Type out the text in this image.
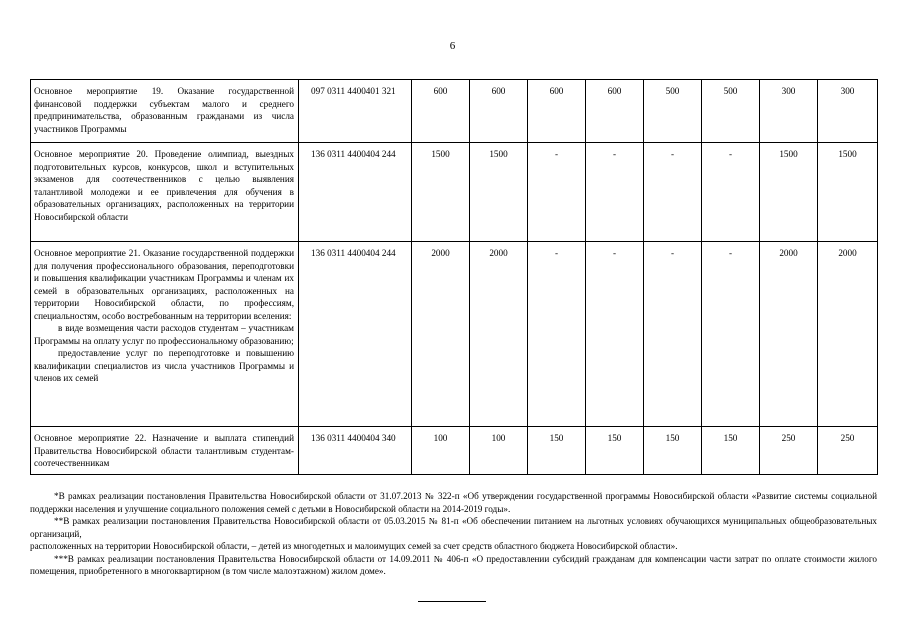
6

Основное мероприятие 19. Оказание государственной финансовой поддержки субъектам малого и среднего предпринимательства, образованным гражданами из числа участников Программы	097 0311 4400401 321	600	600	600	600	500	500	300	300

Основное мероприятие 20. Проведение олимпиад, выездных подготовительных курсов, конкурсов, школ и вступительных экзаменов для соотечественников с целью выявления талантливой молодежи и ее привлечения для обучения в образовательных организациях, расположенных на территории Новосибирской области	136 0311 4400404 244	1500	1500	-	-	-	-	1500	1500

Основное мероприятие 21. Оказание государственной поддержки для получения профессионального образования, переподготовки и повышения квалификации участникам Программы и членам их семей в образовательных организациях, расположенных на территории Новосибирской области, по профессиям, специальностям, особо востребованным на территории вселения:

в виде возмещения части расходов студентам – участникам Программы на оплату услуг по профессиональному образованию;

предоставление услуг по переподготовке и повышению квалификации специалистов из числа участников Программы и членов их семей	136 0311 4400404 244	2000	2000	-	-	-	-	2000	2000

Основное мероприятие 22. Назначение и выплата стипендий Правительства Новосибирской области талантливым студентам-соотечественникам	136 0311 4400404 340	100	100	150	150	150	150	250	250

*В рамках реализации постановления Правительства Новосибирской области от 31.07.2013 № 322-п «Об утверждении государственной программы Новосибирской области «Развитие системы социальной поддержки населения и улучшение социального положения семей с детьми в Новосибирской области на 2014-2019 годы».

**В рамках реализации постановления Правительства Новосибирской области от 05.03.2015 № 81-п «Об обеспечении питанием на льготных условиях обучающихся муниципальных общеобразовательных организаций,

расположенных на территории Новосибирской области, – детей из многодетных и малоимущих семей за счет средств областного бюджета Новосибирской области».

***В рамках реализации постановления Правительства Новосибирской области от 14.09.2011 № 406-п «О предоставлении субсидий гражданам для компенсации части затрат по оплате стоимости жилого помещения, приобретенного в многоквартирном (в том числе малоэтажном) жилом доме».
